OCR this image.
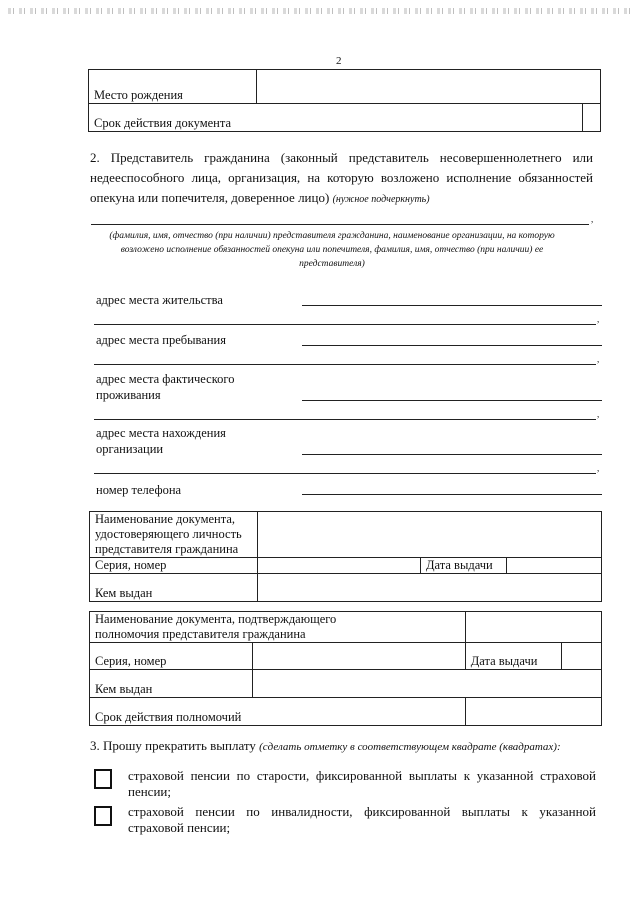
2
Место рождения		
Срок действия документа		
2. Представитель гражданина (законный представитель несовершеннолетнего или недееспособного лица, организация, на которую возложено исполнение обязанностей опекуна или попечителя, доверенное лицо) (нужное подчеркнуть)
,
(фамилия, имя, отчество (при наличии) представителя гражданина, наименование организации, на которую возложено исполнение обязанностей опекуна или попечителя, фамилия, имя, отчество (при наличии) ее представителя)
адрес места жительства
,
адрес места пребывания
,
адрес места фактического
проживания
,
адрес места нахождения
организации
,
номер телефона
Наименование документа,
удостоверяющего личность
представителя гражданина			

Серия, номер		Дата выдачи	
Кем выдан			
Наименование документа, подтверждающего
полномочия представителя гражданина

Серия, номер			Дата выдачи	

Кем выдан	
Срок действия полномочий	
3. Прошу прекратить выплату (сделать отметку в соответствующем квадрате (квадратах):
страховой пенсии по старости, фиксированной выплаты к указанной страховой пенсии;
страховой пенсии по инвалидности, фиксированной выплаты к указанной страховой пенсии;
